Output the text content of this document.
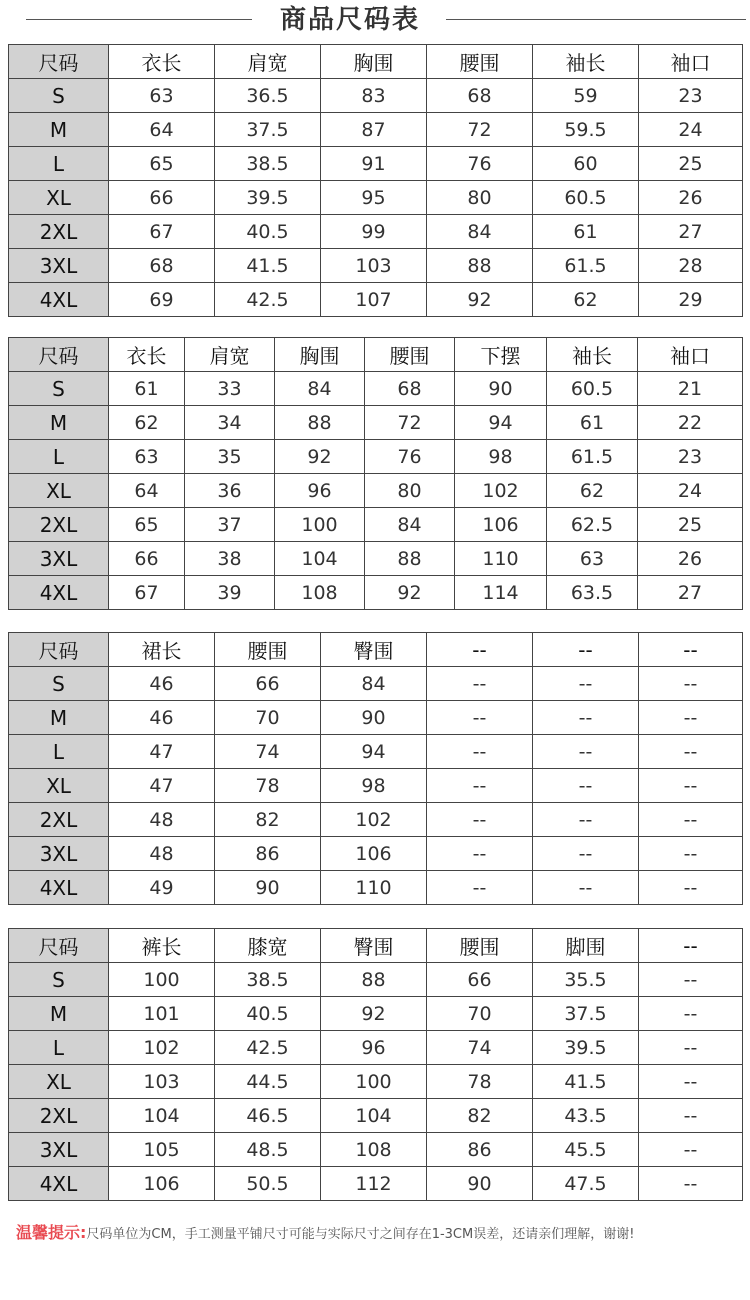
商品尺码表
尺码	衣长	肩宽	胸围	腰围	袖长	袖口
S	63	36.5	83	68	59	23
M	64	37.5	87	72	59.5	24
L	65	38.5	91	76	60	25
XL	66	39.5	95	80	60.5	26
2XL	67	40.5	99	84	61	27
3XL	68	41.5	103	88	61.5	28
4XL	69	42.5	107	92	62	29
尺码	衣长	肩宽	胸围	腰围	下摆	袖长	袖口
S	61	33	84	68	90	60.5	21
M	62	34	88	72	94	61	22
L	63	35	92	76	98	61.5	23
XL	64	36	96	80	102	62	24
2XL	65	37	100	84	106	62.5	25
3XL	66	38	104	88	110	63	26
4XL	67	39	108	92	114	63.5	27
尺码	裙长	腰围	臀围	--	--	--
S	46	66	84	--	--	--
M	46	70	90	--	--	--
L	47	74	94	--	--	--
XL	47	78	98	--	--	--
2XL	48	82	102	--	--	--
3XL	48	86	106	--	--	--
4XL	49	90	110	--	--	--
尺码	裤长	膝宽	臀围	腰围	脚围	--
S	100	38.5	88	66	35.5	--
M	101	40.5	92	70	37.5	--
L	102	42.5	96	74	39.5	--
XL	103	44.5	100	78	41.5	--
2XL	104	46.5	104	82	43.5	--
3XL	105	48.5	108	86	45.5	--
4XL	106	50.5	112	90	47.5	--
温馨提示:尺码单位为CM，手工测量平铺尺寸可能与实际尺寸之间存在1-3CM误差，还请亲们理解，谢谢!
